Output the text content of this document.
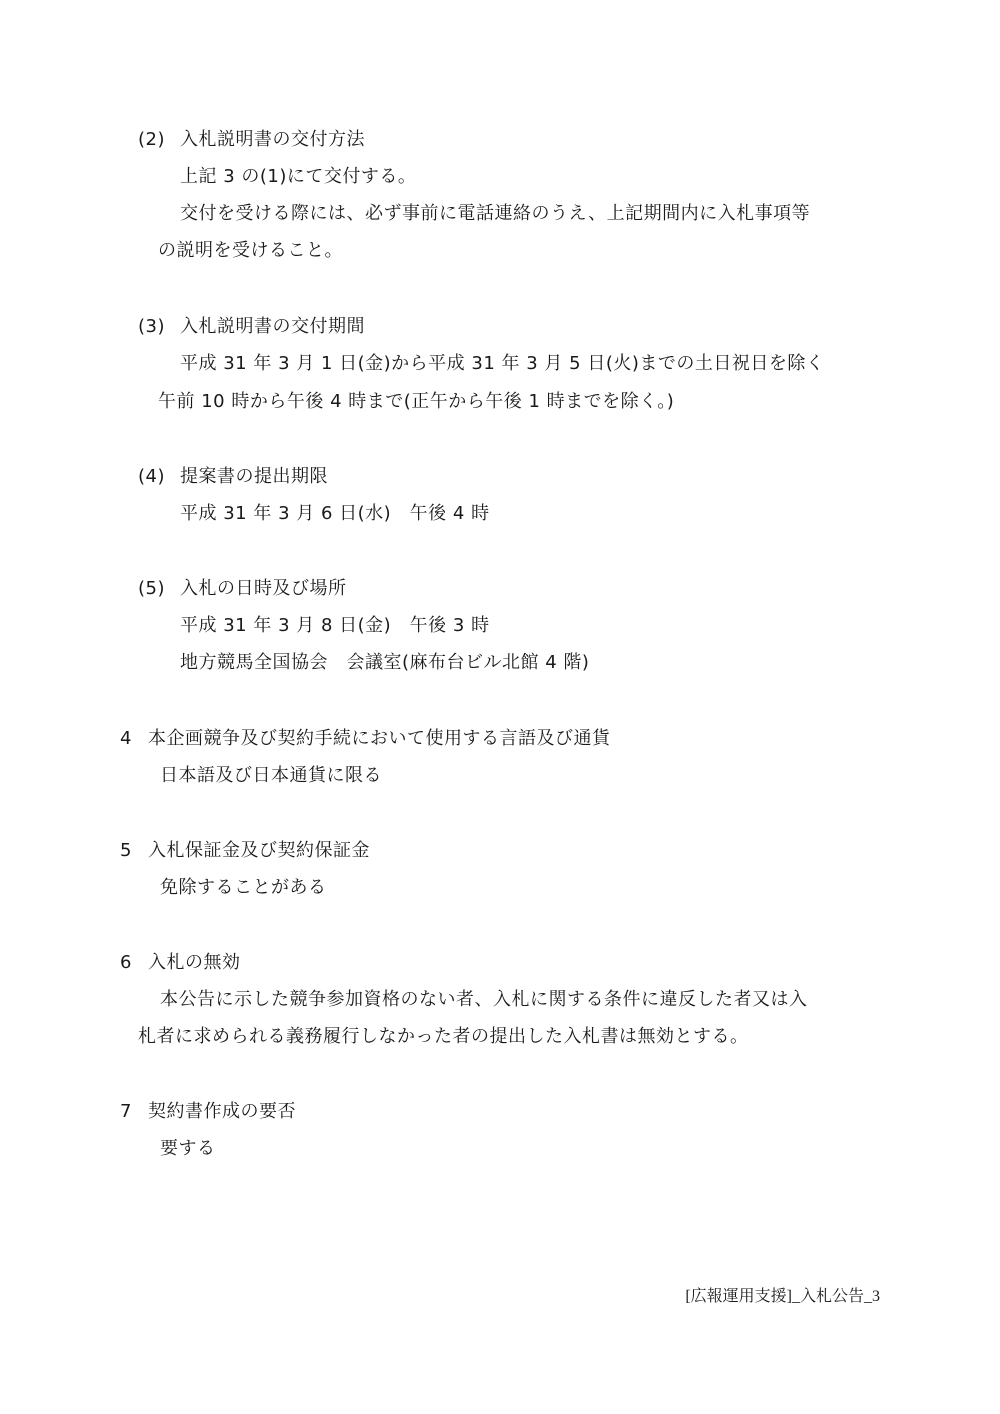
(2) 入札説明書の交付方法
上記 3 の(1)にて交付する。
交付を受ける際には、必ず事前に電話連絡のうえ、上記期間内に入札事項等
の説明を受けること。
(3) 入札説明書の交付期間
平成 31 年 3 月 1 日(金)から平成 31 年 3 月 5 日(火)までの土日祝日を除く
午前 10 時から午後 4 時まで(正午から午後 1 時までを除く。)
(4) 提案書の提出期限
平成 31 年 3 月 6 日(水)　午後 4 時
(5) 入札の日時及び場所
平成 31 年 3 月 8 日(金)　午後 3 時
地方競馬全国協会　会議室(麻布台ビル北館 4 階)
4 本企画競争及び契約手続において使用する言語及び通貨
日本語及び日本通貨に限る
5 入札保証金及び契約保証金
免除することがある
6 入札の無効
本公告に示した競争参加資格のない者、入札に関する条件に違反した者又は入
札者に求められる義務履行しなかった者の提出した入札書は無効とする。
7 契約書作成の要否
要する
[広報運用支援]_入札公告_3
